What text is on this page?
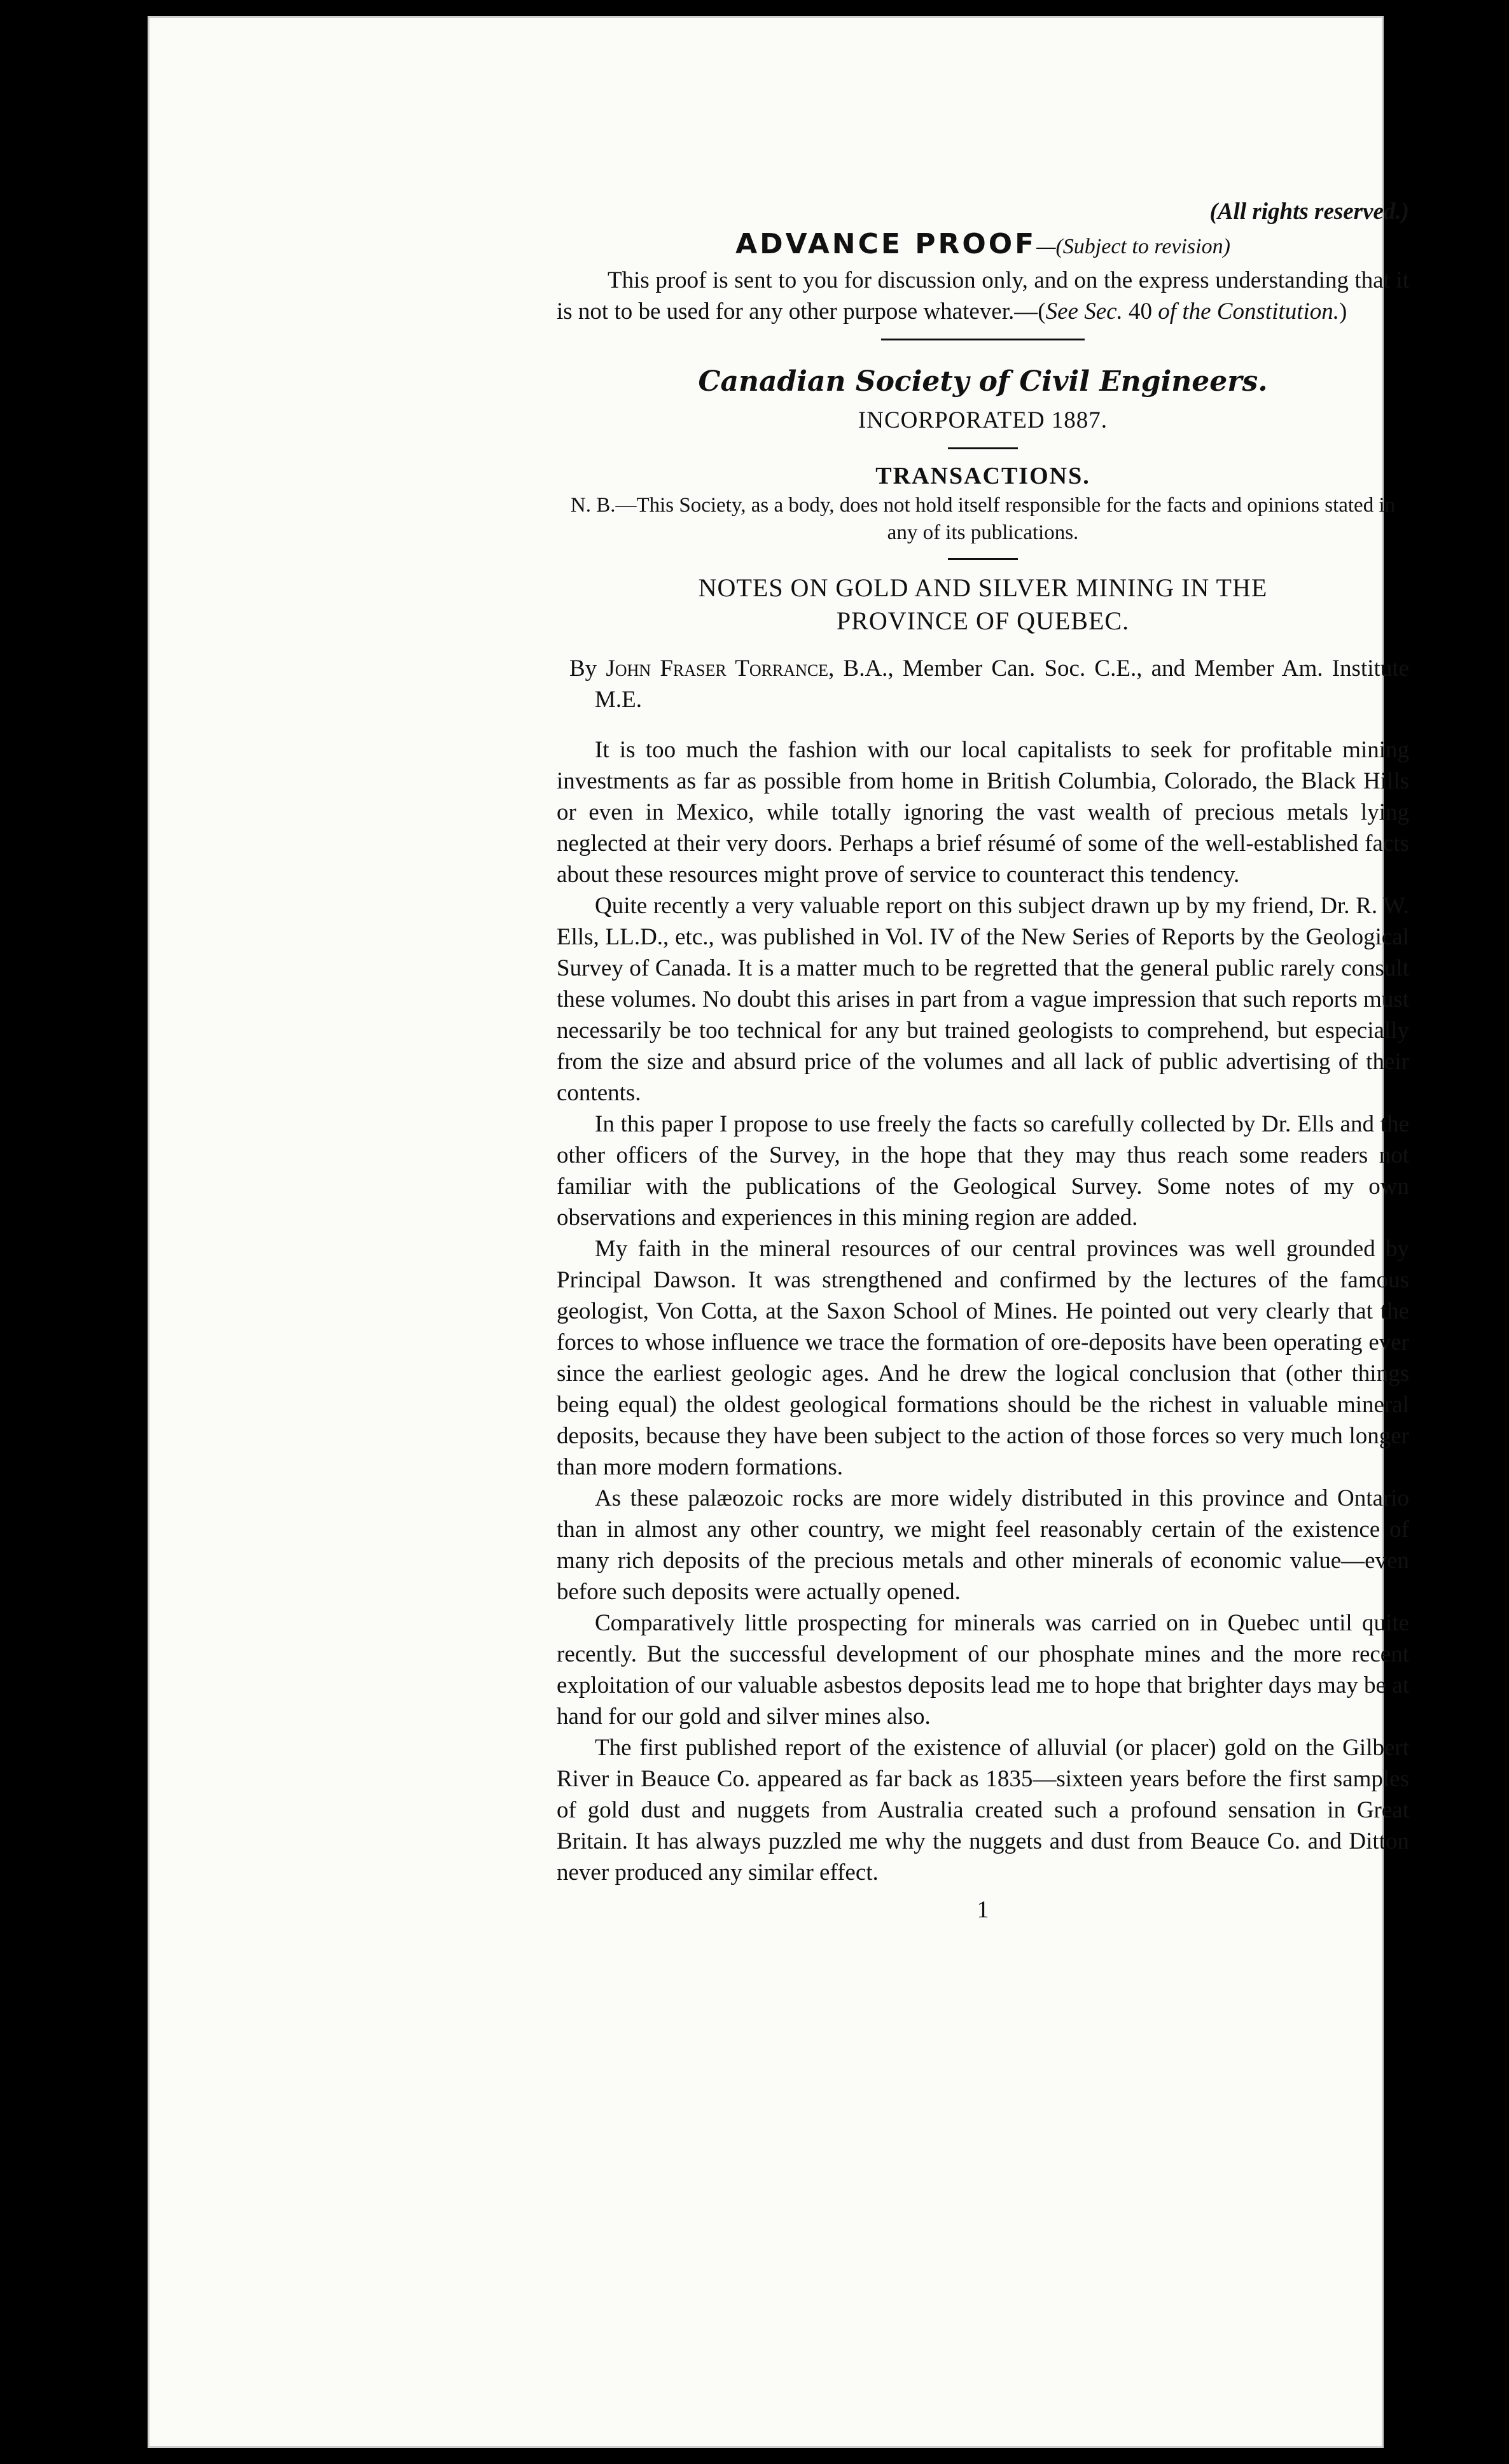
(All rights reserved.)

ADVANCE PROOF—(Subject to revision)

This proof is sent to you for discussion only, and on the express understanding that it is not to be used for any other purpose whatever.—(See Sec. 40 of the Constitution.)

Canadian Society of Civil Engineers.

INCORPORATED 1887.

TRANSACTIONS.

N. B.—This Society, as a body, does not hold itself responsible for the facts and opinions stated in any of its publications.

NOTES ON GOLD AND SILVER MINING IN THE

PROVINCE OF QUEBEC.

By John Fraser Torrance, B.A., Member Can. Soc. C.E., and Member Am. Institute M.E.

It is too much the fashion with our local capitalists to seek for profitable mining investments as far as possible from home in British Columbia, Colorado, the Black Hills or even in Mexico, while totally ignoring the vast wealth of precious metals lying neglected at their very doors. Perhaps a brief résumé of some of the well-established facts about these resources might prove of service to counteract this tendency.

Quite recently a very valuable report on this subject drawn up by my friend, Dr. R. W. Ells, LL.D., etc., was published in Vol. IV of the New Series of Reports by the Geological Survey of Canada. It is a matter much to be regretted that the general public rarely consult these volumes. No doubt this arises in part from a vague impression that such reports must necessarily be too technical for any but trained geologists to comprehend, but especially from the size and absurd price of the volumes and all lack of public advertising of their contents.

In this paper I propose to use freely the facts so carefully collected by Dr. Ells and the other officers of the Survey, in the hope that they may thus reach some readers not familiar with the publications of the Geological Survey. Some notes of my own observations and experiences in this mining region are added.

My faith in the mineral resources of our central provinces was well grounded by Principal Dawson. It was strengthened and confirmed by the lectures of the famous geologist, Von Cotta, at the Saxon School of Mines. He pointed out very clearly that the forces to whose influence we trace the formation of ore-deposits have been operating ever since the earliest geologic ages. And he drew the logical conclusion that (other things being equal) the oldest geological formations should be the richest in valuable mineral deposits, because they have been subject to the action of those forces so very much longer than more modern formations.

As these palæozoic rocks are more widely distributed in this province and Ontario than in almost any other country, we might feel reasonably certain of the existence of many rich deposits of the precious metals and other minerals of economic value—even before such deposits were actually opened.

Comparatively little prospecting for minerals was carried on in Quebec until quite recently. But the successful development of our phosphate mines and the more recent exploitation of our valuable asbestos deposits lead me to hope that brighter days may be at hand for our gold and silver mines also.

The first published report of the existence of alluvial (or placer) gold on the Gilbert River in Beauce Co. appeared as far back as 1835—sixteen years before the first samples of gold dust and nuggets from Australia created such a profound sensation in Great Britain. It has always puzzled me why the nuggets and dust from Beauce Co. and Ditton never produced any similar effect.

1
